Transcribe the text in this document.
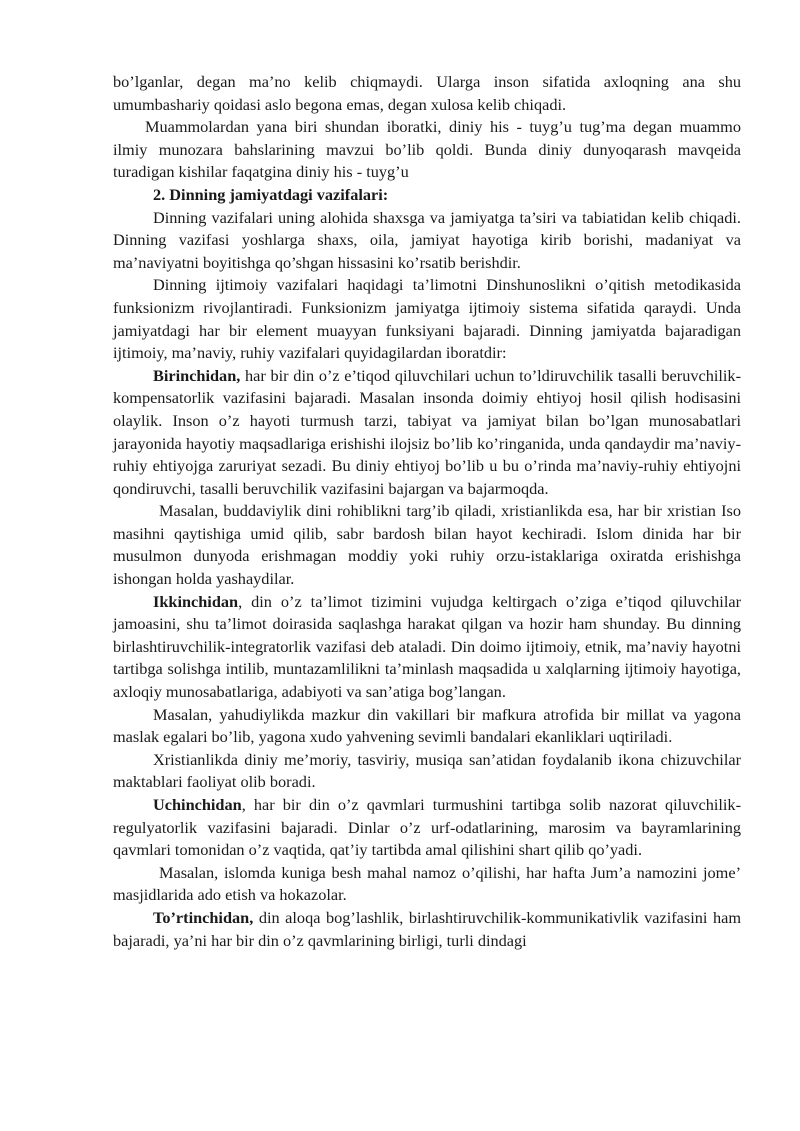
bo’lganlar, degan ma’no kelib chiqmaydi. Ularga inson sifatida axloqning ana shu umumbashariy qoidasi aslo begona emas, degan xulosa kelib chiqadi.

Muammolardan yana biri shundan iboratki, diniy his - tuyg’u tug’ma degan muammo ilmiy munozara bahslarining mavzui bo’lib qoldi. Bunda diniy dunyoqarash mavqeida turadigan kishilar faqatgina diniy his - tuyg’u

2. Dinning jamiyatdagi vazifalari:

Dinning vazifalari uning alohida shaxsga va jamiyatga ta’siri va tabiatidan kelib chiqadi. Dinning vazifasi yoshlarga shaxs, oila, jamiyat hayotiga kirib borishi, madaniyat va ma’naviyatni boyitishga qo’shgan hissasini ko’rsatib berishdir.

Dinning ijtimoiy vazifalari haqidagi ta’limotni Dinshunoslikni o’qitish metodikasida funksionizm rivojlantiradi. Funksionizm jamiyatga ijtimoiy sistema sifatida qaraydi. Unda jamiyatdagi har bir element muayyan funksiyani bajaradi. Dinning jamiyatda bajaradigan ijtimoiy, ma’naviy, ruhiy vazifalari quyidagilardan iboratdir:

Birinchidan, har bir din o’z e’tiqod qiluvchilari uchun to’ldiruvchilik tasalli beruvchilik-kompensatorlik vazifasini bajaradi. Masalan insonda doimiy ehtiyoj hosil qilish hodisasini olaylik. Inson o’z hayoti turmush tarzi, tabiyat va jamiyat bilan bo’lgan munosabatlari jarayonida hayotiy maqsadlariga erishishi ilojsiz bo’lib ko’ringanida, unda qandaydir ma’naviy-ruhiy ehtiyojga zaruriyat sezadi. Bu diniy ehtiyoj bo’lib u bu o’rinda ma’naviy-ruhiy ehtiyojni qondiruvchi, tasalli beruvchilik vazifasini bajargan va bajarmoqda.

Masalan, buddaviylik dini rohiblikni targ’ib qiladi, xristianlikda esa, har bir xristian Iso masihni qaytishiga umid qilib, sabr bardosh bilan hayot kechiradi. Islom dinida har bir musulmon dunyoda erishmagan moddiy yoki ruhiy orzu-istaklariga oxiratda erishishga ishongan holda yashaydilar.

Ikkinchidan, din o’z ta’limot tizimini vujudga keltirgach o’ziga e’tiqod qiluvchilar jamoasini, shu ta’limot doirasida saqlashga harakat qilgan va hozir ham shunday. Bu dinning birlashtiruvchilik-integratorlik vazifasi deb ataladi. Din doimo ijtimoiy, etnik, ma’naviy hayotni tartibga solishga intilib, muntazamlilikni ta’minlash maqsadida u xalqlarning ijtimoiy hayotiga, axloqiy munosabatlariga, adabiyoti va san’atiga bog’langan.

Masalan, yahudiylikda mazkur din vakillari bir mafkura atrofida bir millat va yagona maslak egalari bo’lib, yagona xudo yahvening sevimli bandalari ekanliklari uqtiriladi.

Xristianlikda diniy me’moriy, tasviriy, musiqa san’atidan foydalanib ikona chizuvchilar maktablari faoliyat olib boradi.

Uchinchidan, har bir din o’z qavmlari turmushini tartibga solib nazorat qiluvchilik-regulyatorlik vazifasini bajaradi. Dinlar o’z urf-odatlarining, marosim va bayramlarining qavmlari tomonidan o’z vaqtida, qat’iy tartibda amal qilishini shart qilib qo’yadi.

Masalan, islomda kuniga besh mahal namoz o’qilishi, har hafta Jum’a namozini jome’ masjidlarida ado etish va hokazolar.

To’rtinchidan, din aloqa bog’lashlik, birlashtiruvchilik-kommunikativlik vazifasini ham bajaradi, ya’ni har bir din o’z qavmlarining birligi, turli dindagi
